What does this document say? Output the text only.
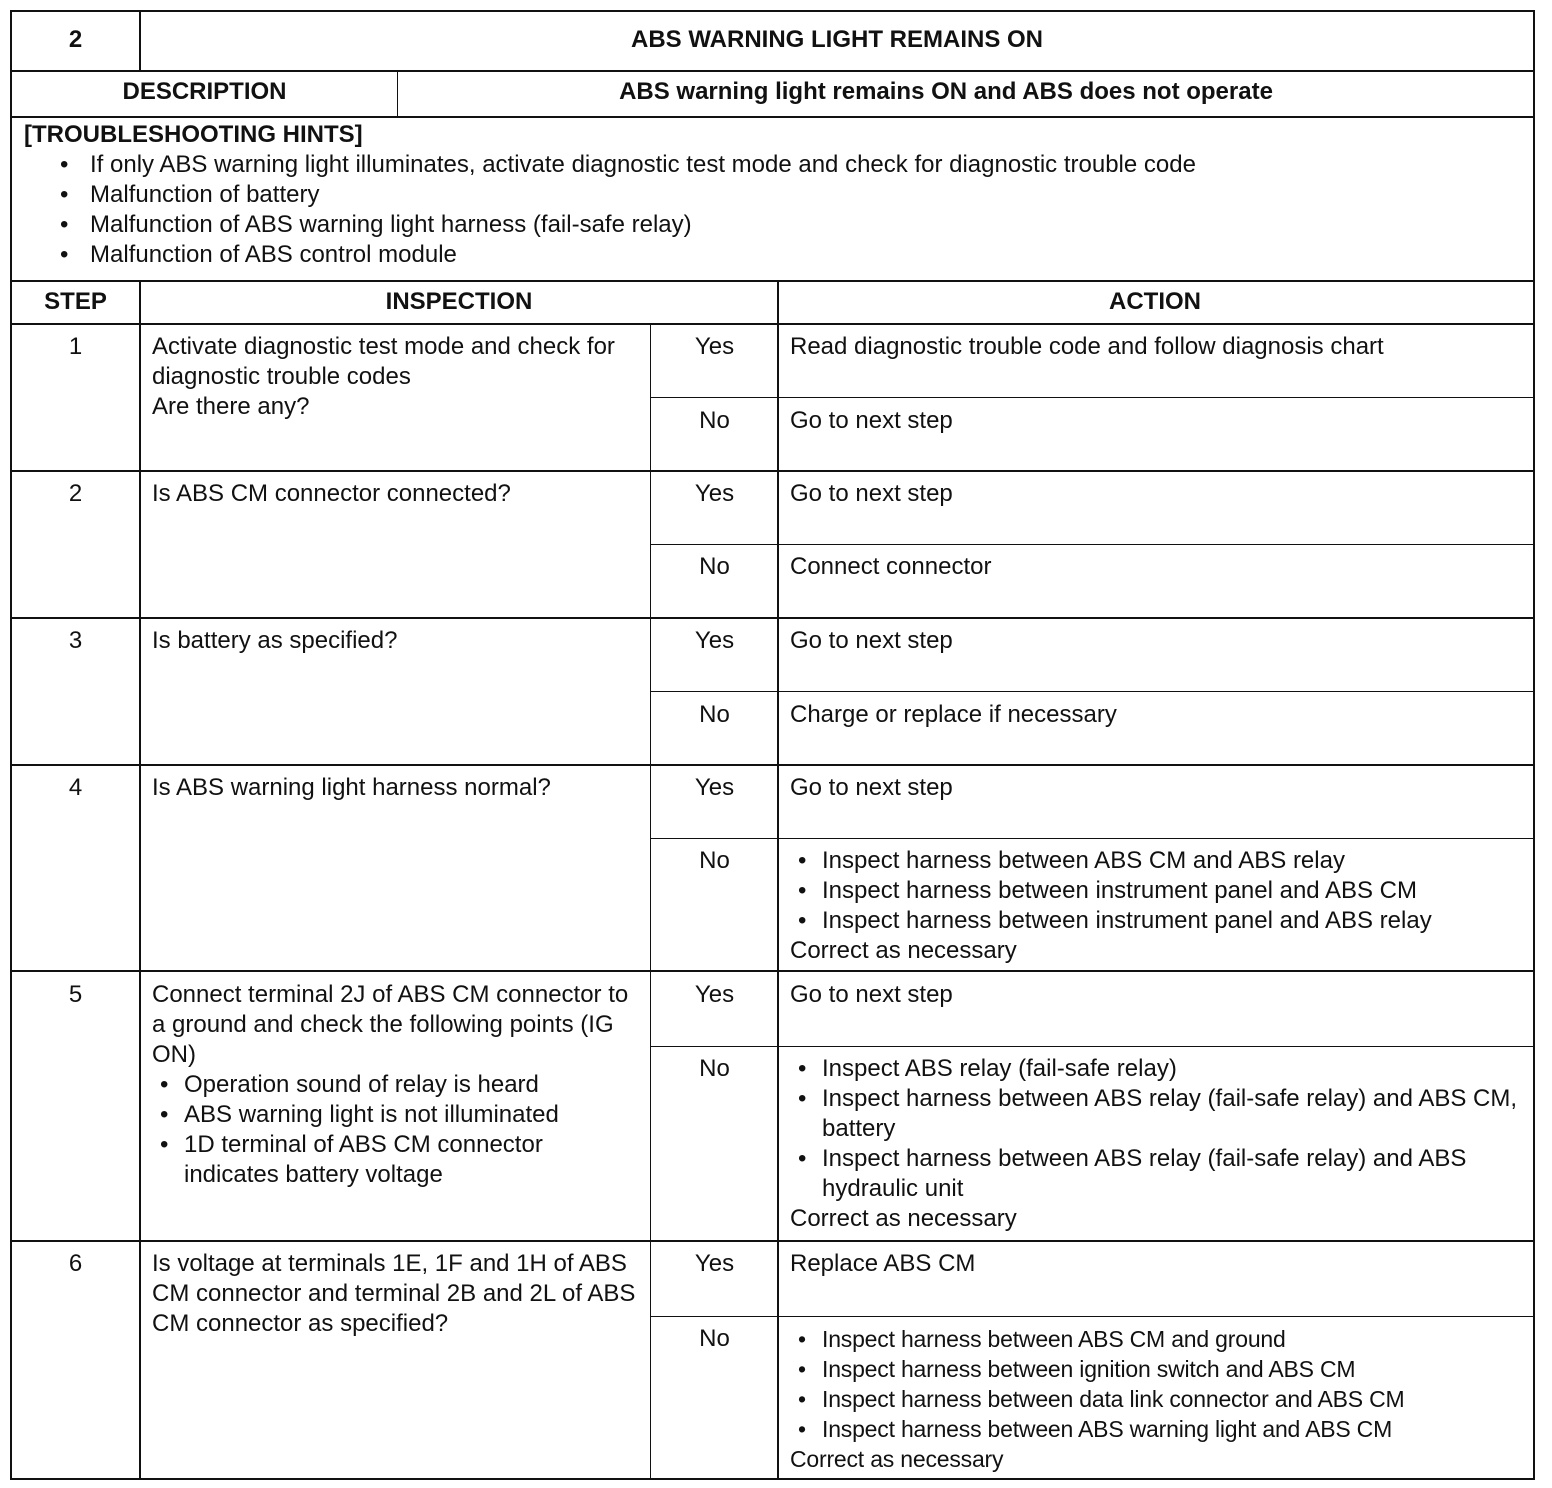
2	ABS WARNING LIGHT REMAINS ON
DESCRIPTION	ABS warning light remains ON and ABS does not operate
[TROUBLESHOOTING HINTS]
• If only ABS warning light illuminates, activate diagnostic test mode and check for diagnostic trouble code
• Malfunction of battery
• Malfunction of ABS warning light harness (fail-safe relay)
• Malfunction of ABS control module
STEP	INSPECTION	ACTION
1	Activate diagnostic test mode and check for diagnostic trouble codes
Are there any?
Yes	Read diagnostic trouble code and follow diagnosis chart
No	Go to next step
2	Is ABS CM connector connected?	Yes	Go to next step
No	Connect connector
3	Is battery as specified?	Yes	Go to next step
No	Charge or replace if necessary
4	Is ABS warning light harness normal?	Yes	Go to next step
No	• Inspect harness between ABS CM and ABS relay
• Inspect harness between instrument panel and ABS CM
• Inspect harness between instrument panel and ABS relay
Correct as necessary
5	Connect terminal 2J of ABS CM connector to a ground and check the following points (IG ON)
• Operation sound of relay is heard
• ABS warning light is not illuminated
• 1D terminal of ABS CM connector indicates battery voltage
Yes	Go to next step
No	• Inspect ABS relay (fail-safe relay)
• Inspect harness between ABS relay (fail-safe relay) and ABS CM, battery
• Inspect harness between ABS relay (fail-safe relay) and ABS hydraulic unit
Correct as necessary
6	Is voltage at terminals 1E, 1F and 1H of ABS CM connector and terminal 2B and 2L of ABS CM connector as specified?
Yes	Replace ABS CM
No	• Inspect harness between ABS CM and ground
• Inspect harness between ignition switch and ABS CM
• Inspect harness between data link connector and ABS CM
• Inspect harness between ABS warning light and ABS CM
Correct as necessary
